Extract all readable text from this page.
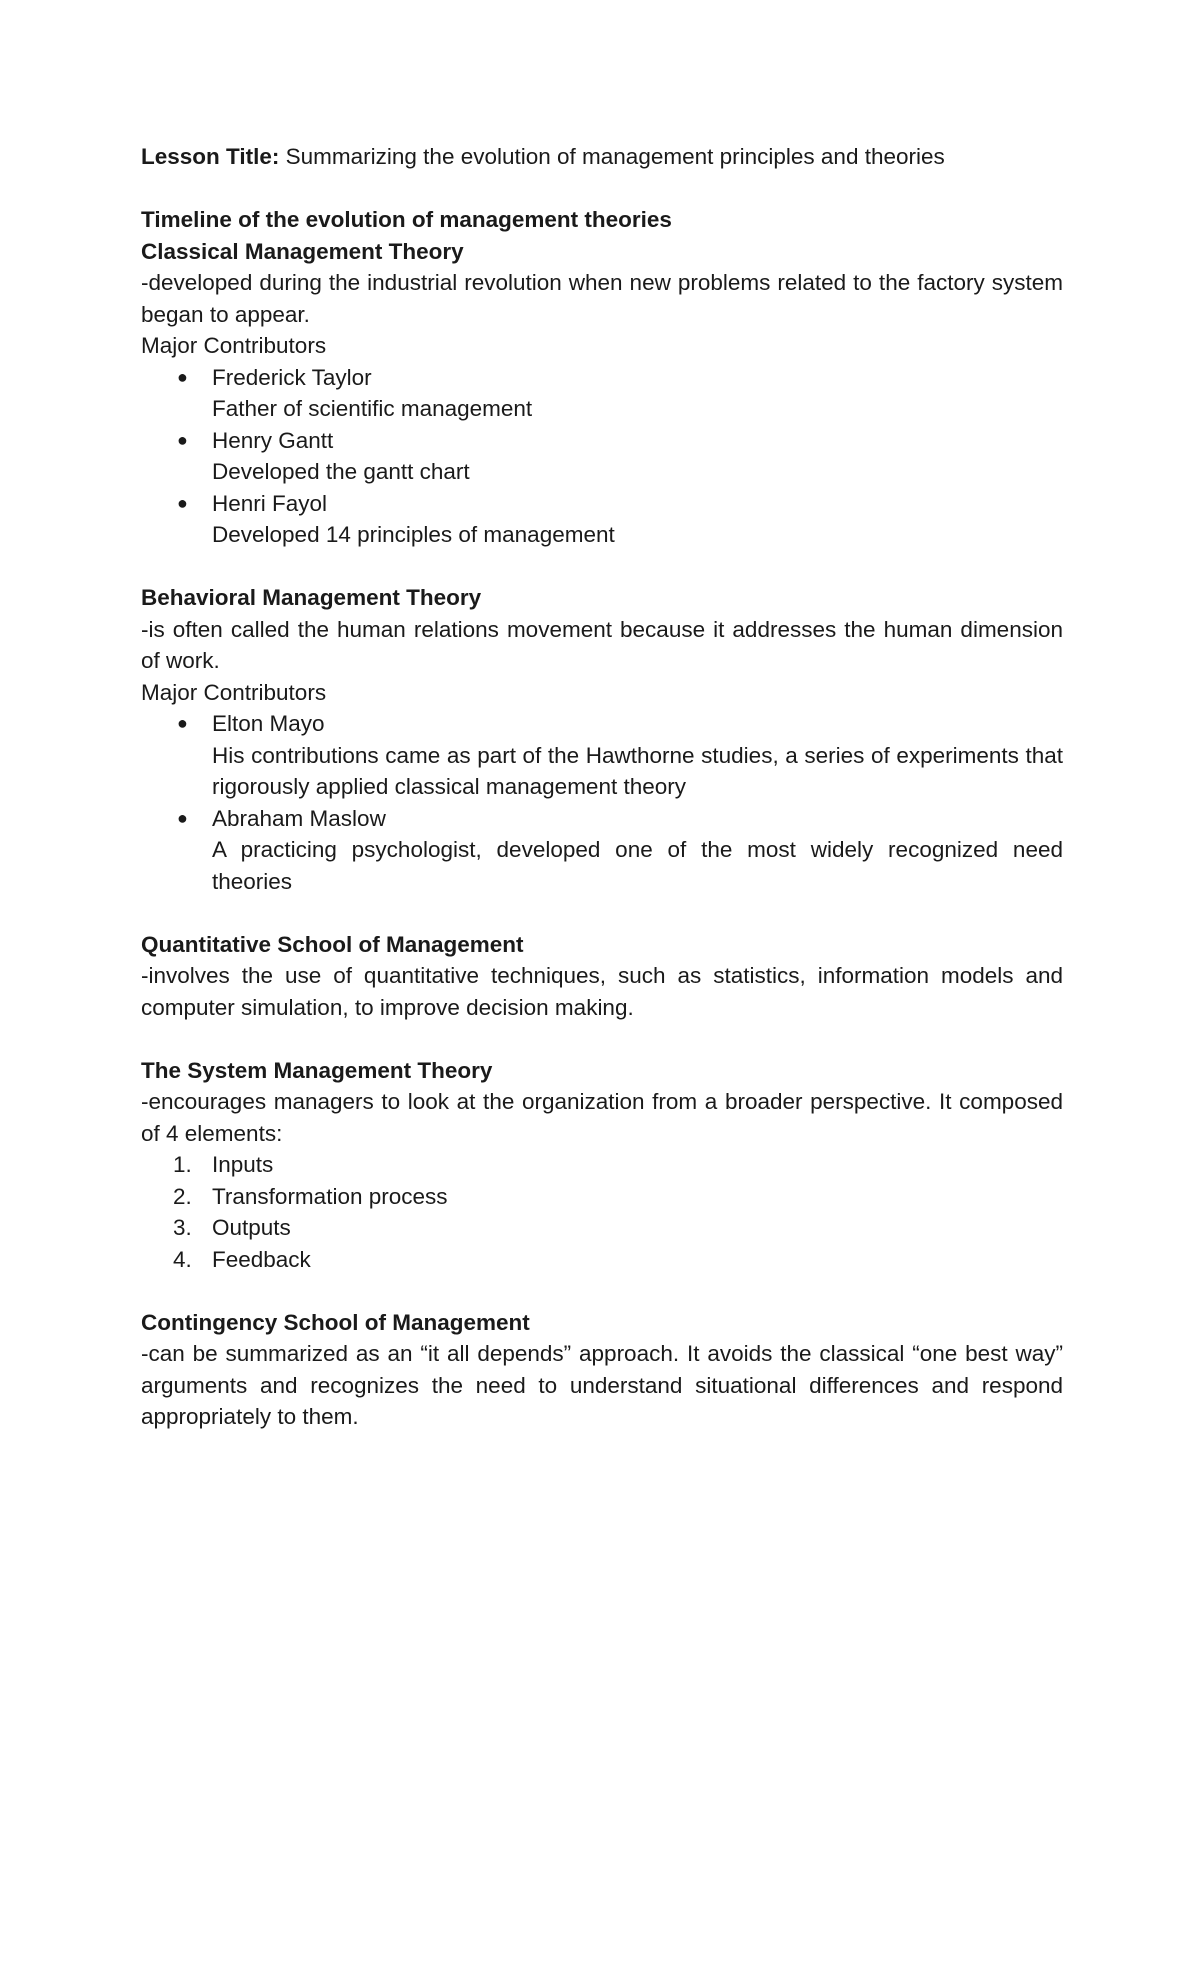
Lesson Title: Summarizing the evolution of management principles and theories
Timeline of the evolution of management theories
Classical Management Theory
-developed during the industrial revolution when new problems related to the factory system began to appear.
Major Contributors
● Frederick Taylor
Father of scientific management
● Henry Gantt
Developed the gantt chart
● Henri Fayol
Developed 14 principles of management
Behavioral Management Theory
-is often called the human relations movement because it addresses the human dimension of work.
Major Contributors
● Elton Mayo
His contributions came as part of the Hawthorne studies, a series of experiments that rigorously applied classical management theory
● Abraham Maslow
A practicing psychologist, developed one of the most widely recognized need theories
Quantitative School of Management
-involves the use of quantitative techniques, such as statistics, information models and computer simulation, to improve decision making.
The System Management Theory
-encourages managers to look at the organization from a broader perspective. It composed of 4 elements:
1. Inputs
2. Transformation process
3. Outputs
4. Feedback
Contingency School of Management
-can be summarized as an “it all depends” approach. It avoids the classical “one best way” arguments and recognizes the need to understand situational differences and respond appropriately to them.
